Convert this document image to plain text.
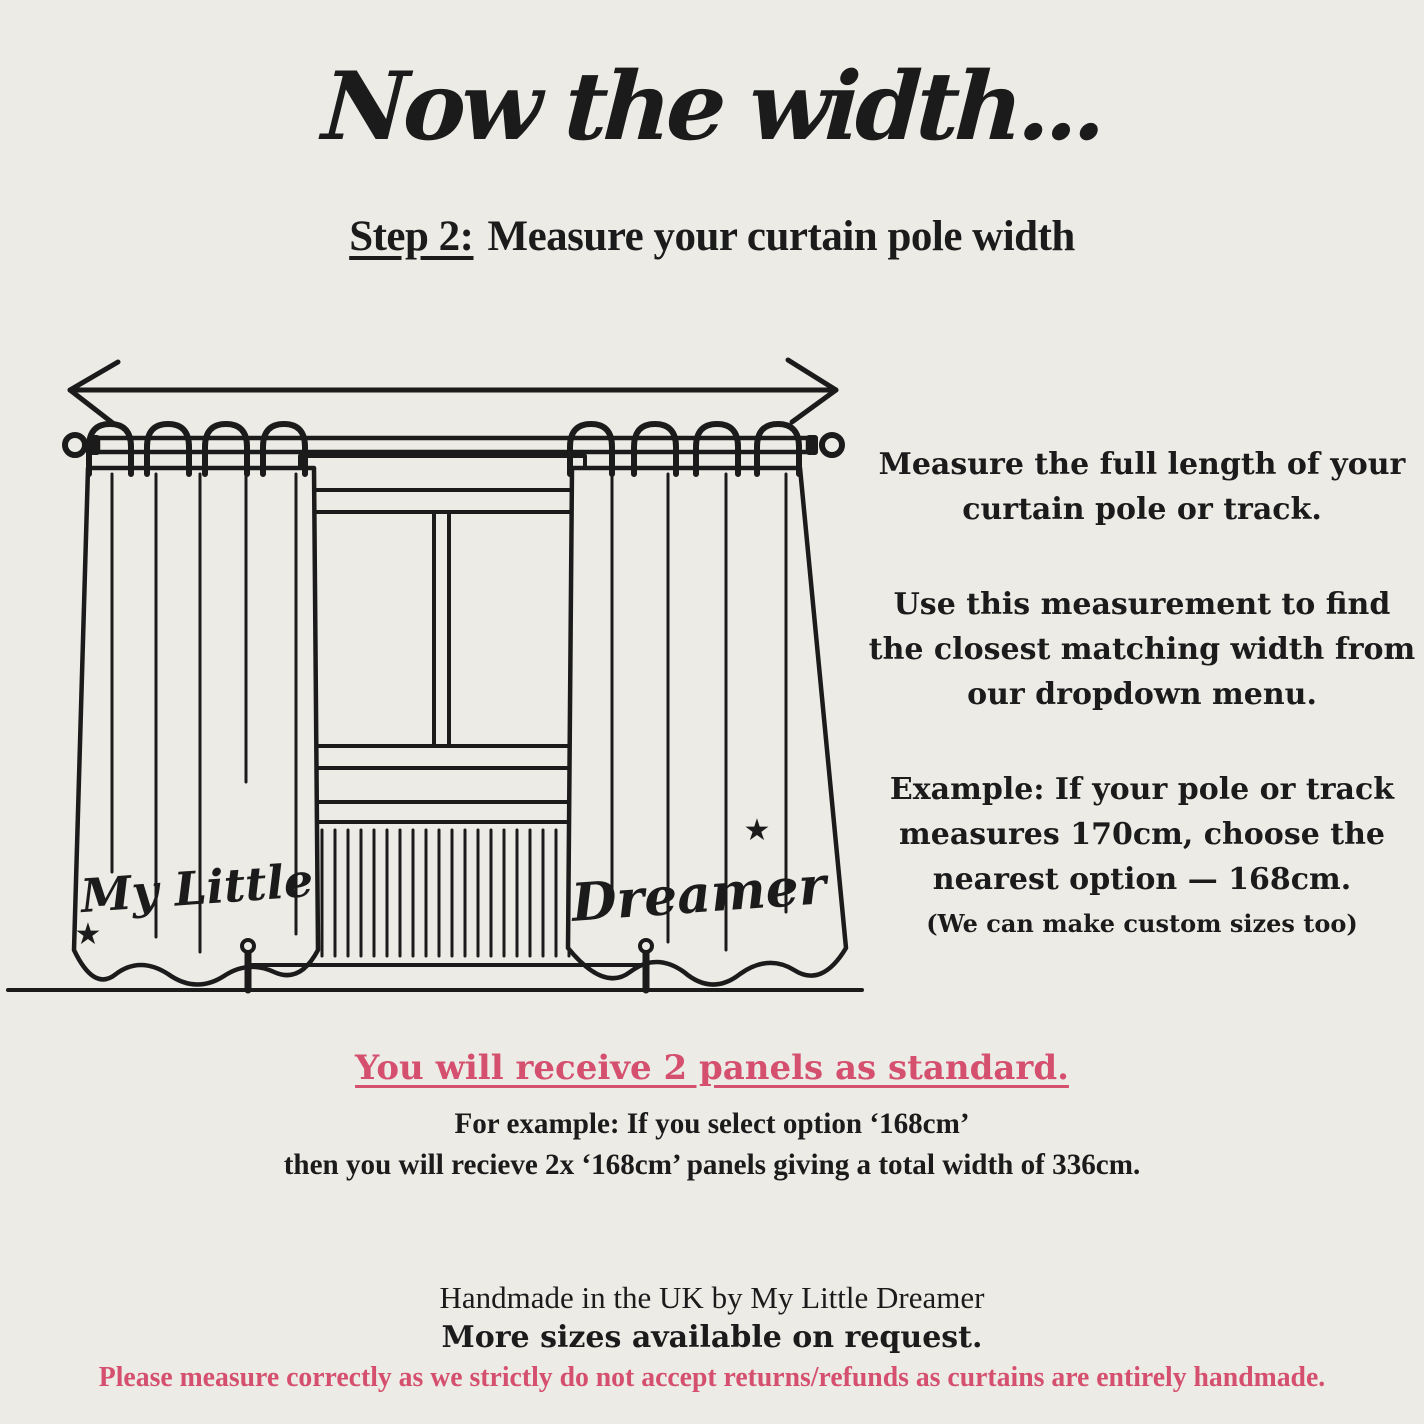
Now the width...
Step 2: Measure your curtain pole width
My Little	Dreamer
★
★

Measure the full length of your curtain pole or track.

Use this measurement to find the closest matching width from our dropdown menu.

Example: If your pole or track measures 170cm, choose the nearest option — 168cm.

(We can make custom sizes too)
You will receive 2 panels as standard.
For example: If you select option ‘168cm’
then you will recieve 2x ‘168cm’ panels giving a total width of 336cm.
Handmade in the UK by My Little Dreamer
More sizes available on request.
Please measure correctly as we strictly do not accept returns/refunds as curtains are entirely handmade.
